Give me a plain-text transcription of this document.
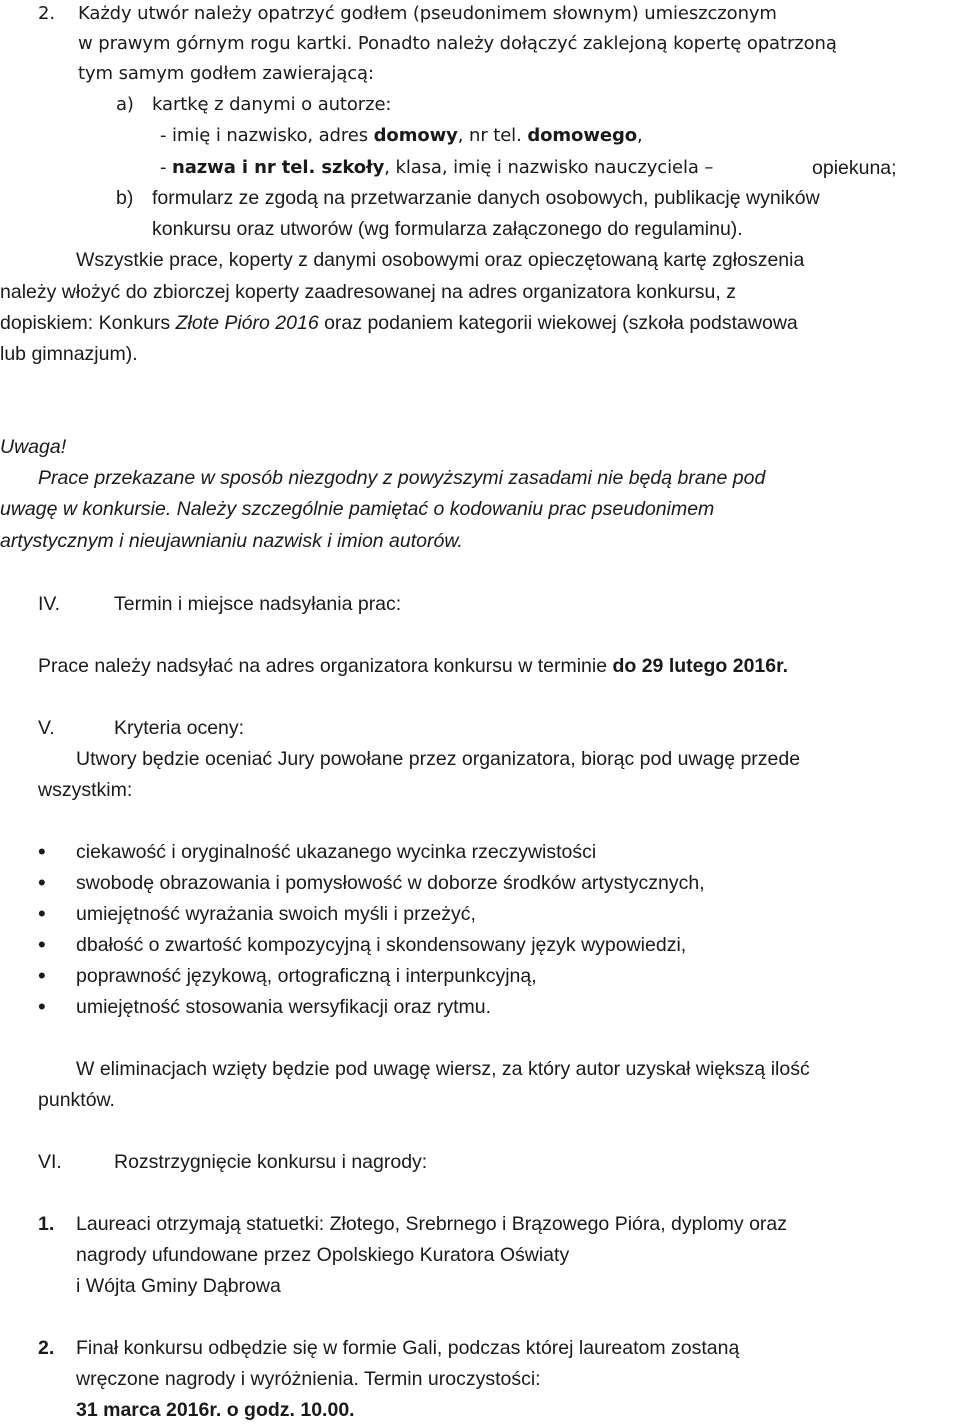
2. Każdy utwór należy opatrzyć godłem (pseudonimem słownym) umieszczonym
w prawym górnym rogu kartki. Ponadto należy dołączyć zaklejoną kopertę opatrzoną
tym samym godłem zawierającą:
a) kartkę z danymi o autorze:
- imię i nazwisko, adres domowy, nr tel. domowego,
- nazwa i nr tel. szkoły, klasa, imię i nazwisko nauczyciela –	opiekuna;
b) formularz ze zgodą na przetwarzanie danych osobowych, publikację wyników
konkursu oraz utworów (wg formularza załączonego do regulaminu).
Wszystkie prace, koperty z danymi osobowymi oraz opieczętowaną kartę zgłoszenia
należy włożyć do zbiorczej koperty zaadresowanej na adres organizatora konkursu, z
dopiskiem: Konkurs Złote Pióro 2016 oraz podaniem kategorii wiekowej (szkoła podstawowa
lub gimnazjum).
Uwaga!
Prace przekazane w sposób niezgodny z powyższymi zasadami nie będą brane pod
uwagę w konkursie. Należy szczególnie pamiętać o kodowaniu prac pseudonimem
artystycznym i nieujawnianiu nazwisk i imion autorów.
IV.	Termin i miejsce nadsyłania prac:
Prace należy nadsyłać na adres organizatora konkursu w terminie do 29 lutego 2016r.
V.	Kryteria oceny:
Utwory będzie oceniać Jury powołane przez organizatora, biorąc pod uwagę przede
wszystkim:
• ciekawość i oryginalność ukazanego wycinka rzeczywistości
• swobodę obrazowania i pomysłowość w doborze środków artystycznych,
• umiejętność wyrażania swoich myśli i przeżyć,
• dbałość o zwartość kompozycyjną i skondensowany język wypowiedzi,
• poprawność językową, ortograficzną i interpunkcyjną,
• umiejętność stosowania wersyfikacji oraz rytmu.
W eliminacjach wzięty będzie pod uwagę wiersz, za który autor uzyskał większą ilość
punktów.
VI.	Rozstrzygnięcie konkursu i nagrody:
1. Laureaci otrzymają statuetki: Złotego, Srebrnego i Brązowego Pióra, dyplomy oraz
nagrody ufundowane przez Opolskiego Kuratora Oświaty
i Wójta Gminy Dąbrowa
2. Finał konkursu odbędzie się w formie Gali, podczas której laureatom zostaną
wręczone nagrody i wyróżnienia. Termin uroczystości:
31 marca 2016r. o godz. 10.00.
